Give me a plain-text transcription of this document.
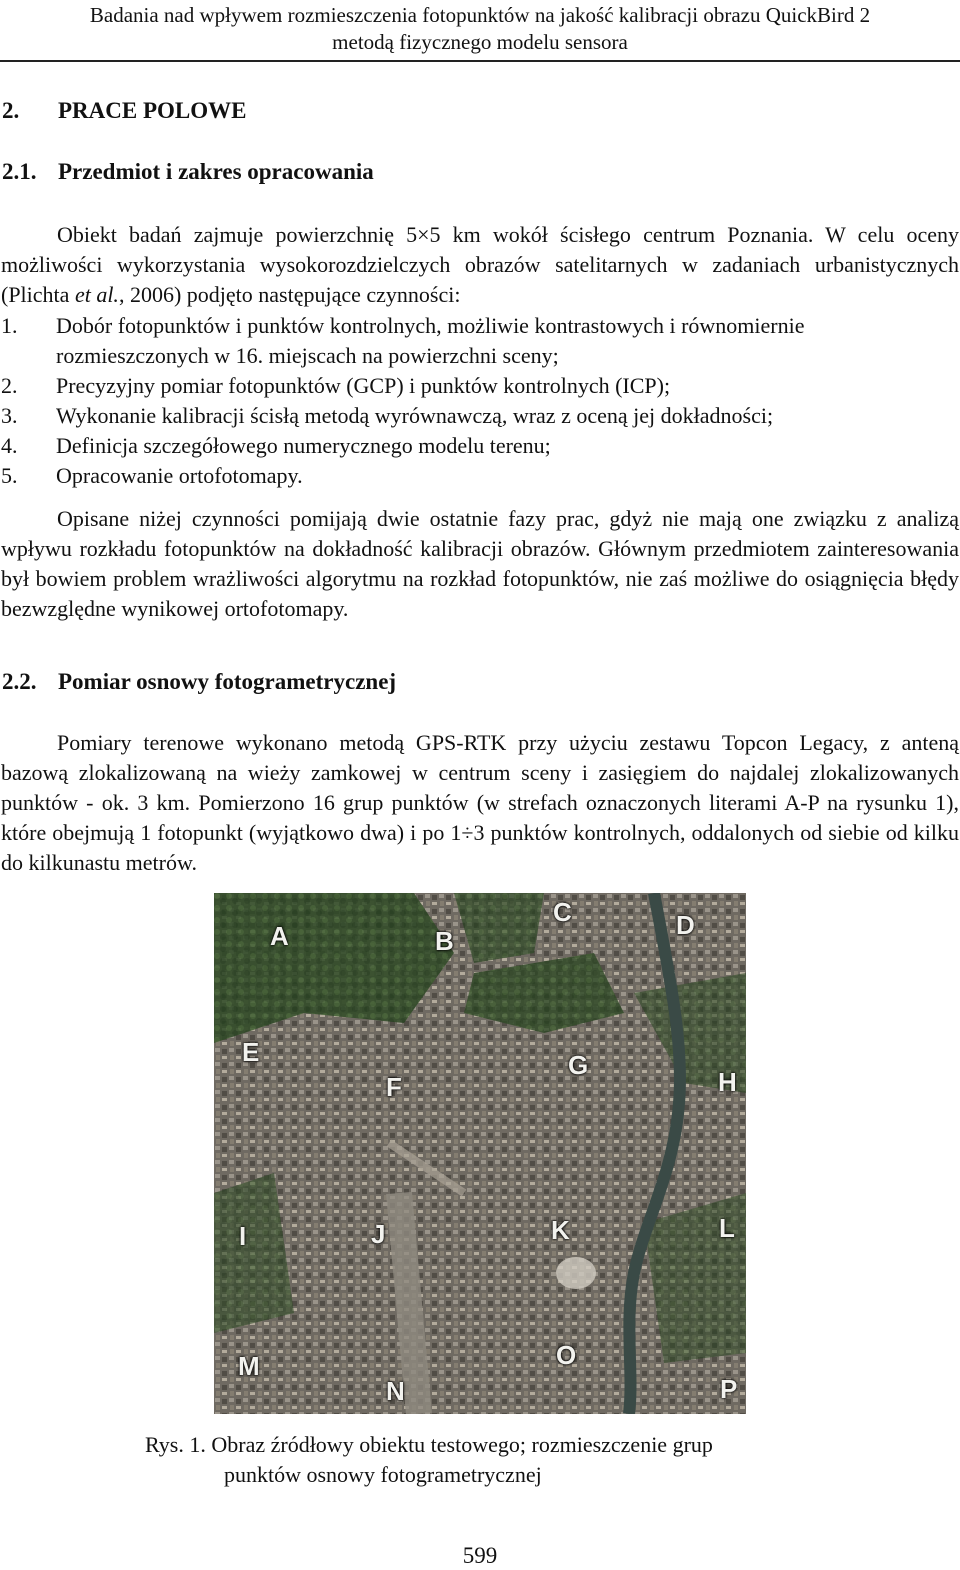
Badania nad wpływem rozmieszczenia fotopunktów na jakość kalibracji obrazu QuickBird 2
metodą fizycznego modelu sensora
2. PRACE POLOWE
2.1. Przedmiot i zakres opracowania
Obiekt badań zajmuje powierzchnię 5×5 km wokół ścisłego centrum Poznania. W celu oceny możliwości wykorzystania wysokorozdzielczych obrazów satelitarnych w zadaniach urbanistycznych (Plichta et al., 2006) podjęto następujące czynności:
1. Dobór fotopunktów i punktów kontrolnych, możliwie kontrastowych i równomiernie rozmieszczonych w 16. miejscach na powierzchni sceny;
2. Precyzyjny pomiar fotopunktów (GCP) i punktów kontrolnych (ICP);
3. Wykonanie kalibracji ścisłą metodą wyrównawczą, wraz z oceną jej dokładności;
4. Definicja szczegółowego numerycznego modelu terenu;
5. Opracowanie ortofotomapy.
Opisane niżej czynności pomijają dwie ostatnie fazy prac, gdyż nie mają one związku z analizą wpływu rozkładu fotopunktów na dokładność kalibracji obrazów. Głównym przedmiotem zainteresowania był bowiem problem wrażliwości algorytmu na rozkład fotopunktów, nie zaś możliwe do osiągnięcia błędy bezwzględne wynikowej ortofotomapy.
2.2. Pomiar osnowy fotogrametrycznej
Pomiary terenowe wykonano metodą GPS-RTK przy użyciu zestawu Topcon Legacy, z anteną bazową zlokalizowaną na wieży zamkowej w centrum sceny i zasięgiem do najdalej zlokalizowanych punktów - ok. 3 km. Pomierzono 16 grup punktów (w strefach oznaczonych literami A-P na rysunku 1), które obejmują 1 fotopunkt (wyjątkowo dwa) i po 1÷3 punktów kontrolnych, oddalonych od siebie od kilku do kilkunastu metrów.
A	B
C	D
E
F
G
H
I	J	K	L
M
N
O
P
Rys. 1. Obraz źródłowy obiektu testowego; rozmieszczenie grup
punktów osnowy fotogrametrycznej
599
